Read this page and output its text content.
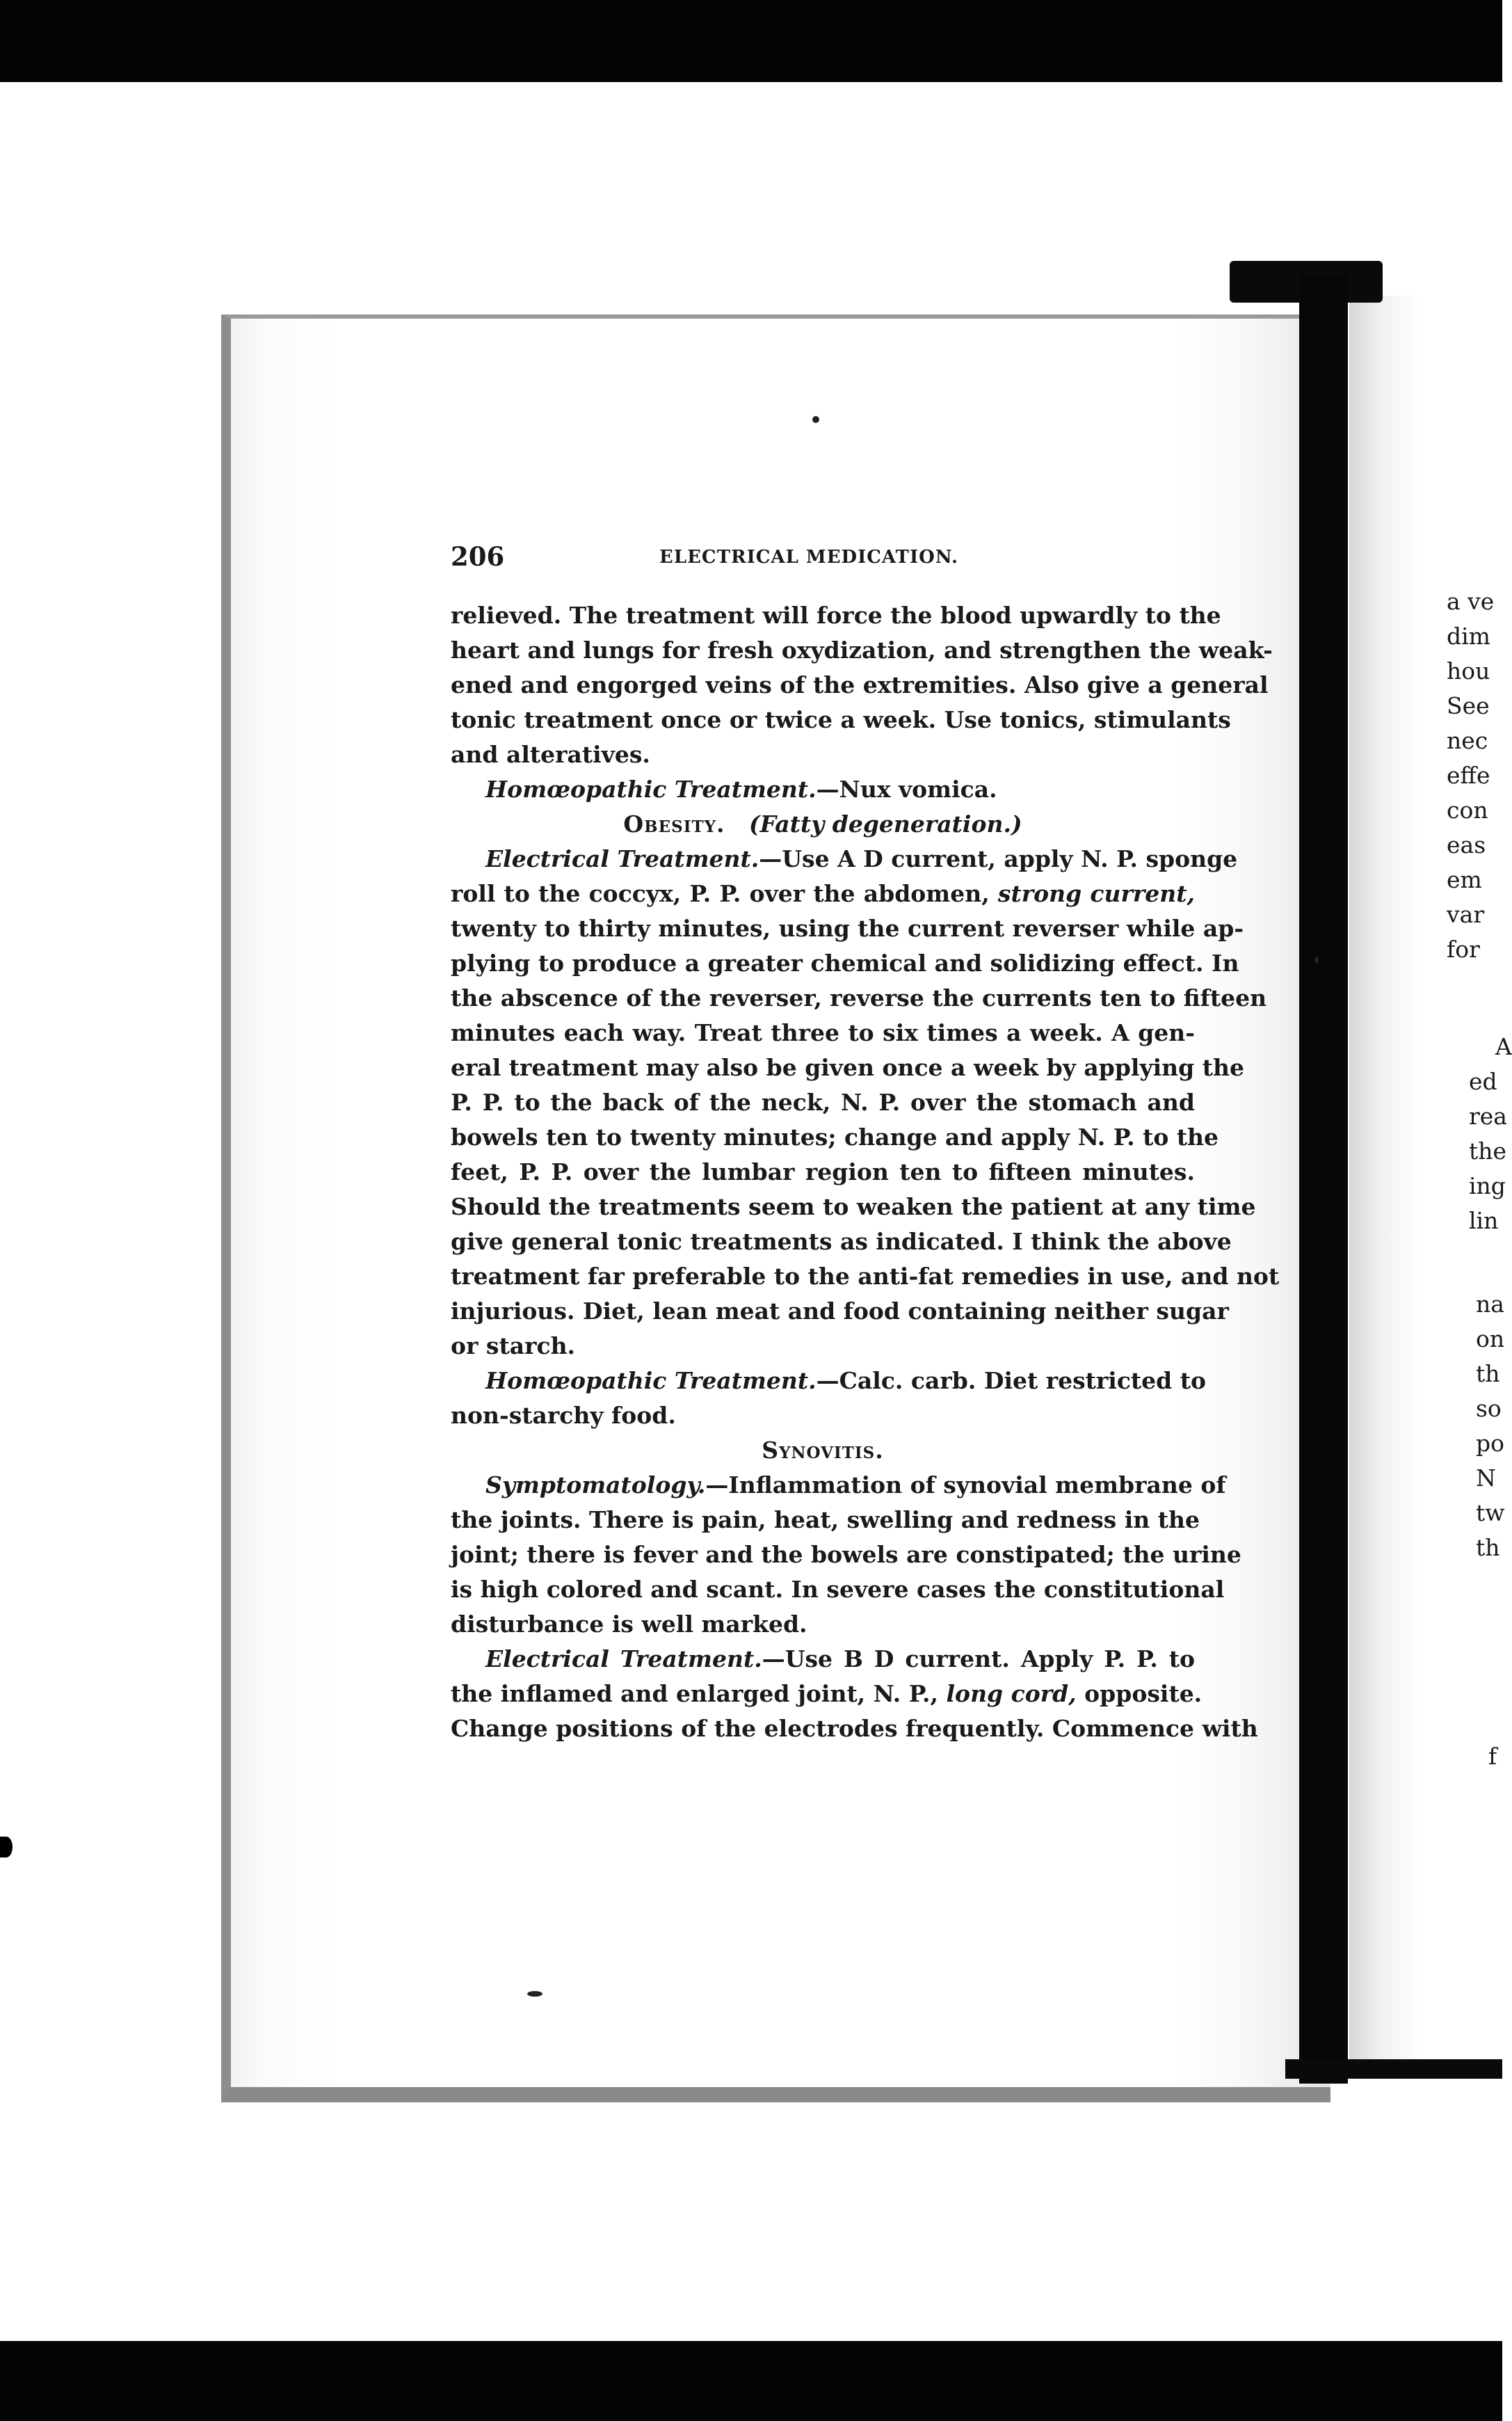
a ve
dim
hou
See
nec
effe
con
eas
em
var
for
A
ed
rea
the
ing
lin
na
on
th
so
po
N
tw
th
f
206	ELECTRICAL MEDICATION.
relieved. The treatment will force the blood upwardly to the
heart and lungs for fresh oxydization, and strengthen the weak-
ened and engorged veins of the extremities. Also give a general
tonic treatment once or twice a week. Use tonics, stimulants
and alteratives.
Homœopathic Treatment.—Nux vomica.
Obesity. (Fatty degeneration.)
Electrical Treatment.—Use A D current, apply N. P. sponge
roll to the coccyx, P. P. over the abdomen, strong current,
twenty to thirty minutes, using the current reverser while ap-
plying to produce a greater chemical and solidizing effect. In
the abscence of the reverser, reverse the currents ten to fifteen
minutes each way. Treat three to six times a week. A gen-
eral treatment may also be given once a week by applying the
P. P. to the back of the neck, N. P. over the stomach and
bowels ten to twenty minutes; change and apply N. P. to the
feet, P. P. over the lumbar region ten to fifteen minutes.
Should the treatments seem to weaken the patient at any time
give general tonic treatments as indicated. I think the above
treatment far preferable to the anti-fat remedies in use, and not
injurious. Diet, lean meat and food containing neither sugar
or starch.
Homœopathic Treatment.—Calc. carb. Diet restricted to
non-starchy food.
Synovitis.
Symptomatology.—Inflammation of synovial membrane of
the joints. There is pain, heat, swelling and redness in the
joint; there is fever and the bowels are constipated; the urine
is high colored and scant. In severe cases the constitutional
disturbance is well marked.
Electrical Treatment.—Use B D current. Apply P. P. to
the inflamed and enlarged joint, N. P., long cord, opposite.
Change positions of the electrodes frequently. Commence with
